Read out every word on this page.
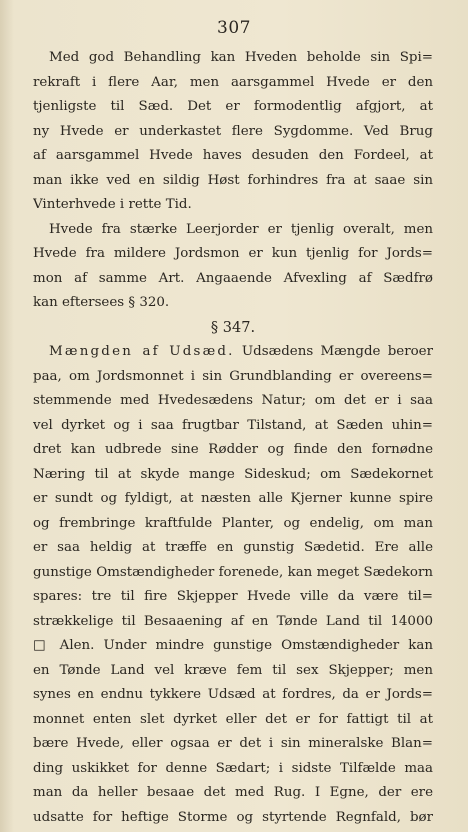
307
Med god Behandling kan Hveden beholde sin Spi=
rekraft i flere Aar, men aarsgammel Hvede er den
tjenligste til Sæd. Det er formodentlig afgjort, at
ny Hvede er underkastet flere Sygdomme. Ved Brug
af aarsgammel Hvede haves desuden den Fordeel, at
man ikke ved en sildig Høst forhindres fra at saae sin
Vinterhvede i rette Tid.
Hvede fra stærke Leerjorder er tjenlig overalt, men
Hvede fra mildere Jordsmon er kun tjenlig for Jords=
mon af samme Art. Angaaende Afvexling af Sædfrø
kan eftersees § 320.
§ 347.
Mængden af Udsæd. Udsædens Mængde beroer
paa, om Jordsmonnet i sin Grundblanding er overeens=
stemmende med Hvedesædens Natur; om det er i saa
vel dyrket og i saa frugtbar Tilstand, at Sæden uhin=
dret kan udbrede sine Rødder og finde den fornødne
Næring til at skyde mange Sideskud; om Sædekornet
er sundt og fyldigt, at næsten alle Kjerner kunne spire
og frembringe kraftfulde Planter, og endelig, om man
er saa heldig at træffe en gunstig Sædetid. Ere alle
gunstige Omstændigheder forenede, kan meget Sædekorn
spares: tre til fire Skjepper Hvede ville da være til=
strækkelige til Besaaening af en Tønde Land til 14000
□ Alen. Under mindre gunstige Omstændigheder kan
en Tønde Land vel kræve fem til sex Skjepper; men
synes en endnu tykkere Udsæd at fordres, da er Jords=
monnet enten slet dyrket eller det er for fattigt til at
bære Hvede, eller ogsaa er det i sin mineralske Blan=
ding uskikket for denne Sædart; i sidste Tilfælde maa
man da heller besaae det med Rug. I Egne, der ere
udsatte for heftige Storme og styrtende Regnfald, bør
